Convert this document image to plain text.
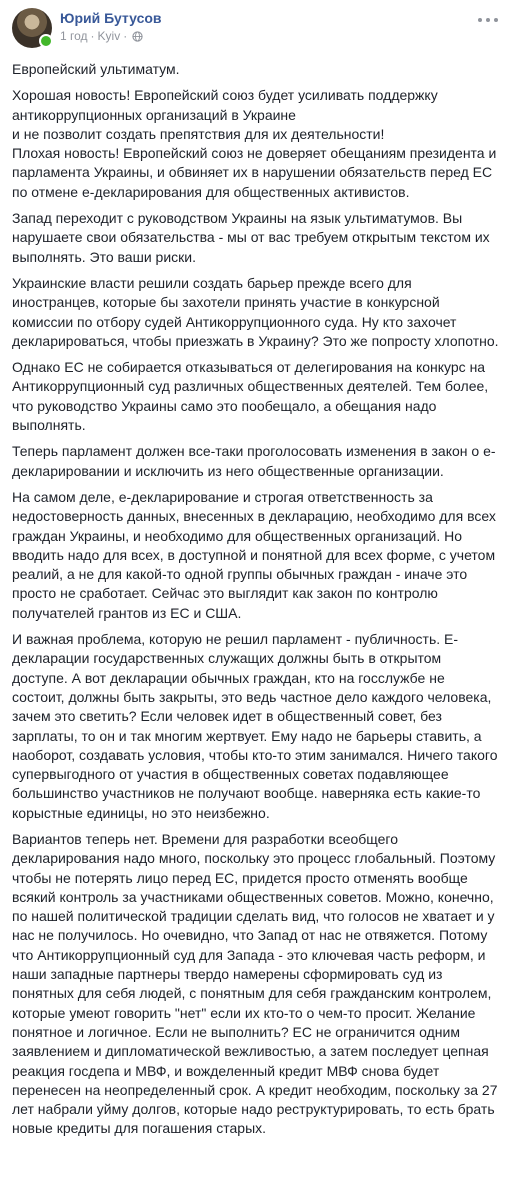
Юрий Бутусов
1 год · Kyiv ·

Европейский ультиматум.

Хорошая новость! Европейский союз будет усиливать поддержку антикоррупционных организаций в Украине
и не позволит создать препятствия для их деятельности!
Плохая новость! Европейский союз не доверяет обещаниям президента и парламента Украины, и обвиняет их в нарушении обязательств перед ЕС по отмене е-декларирования для общественных активистов.

Запад переходит с руководством Украины на язык ультиматумов. Вы нарушаете свои обязательства - мы от вас требуем открытым текстом их выполнять. Это ваши риски.

Украинские власти решили создать барьер прежде всего для иностранцев, которые бы захотели принять участие в конкурсной комиссии по отбору судей Антикоррупционного суда. Ну кто захочет декларироваться, чтобы приезжать в Украину? Это же попросту хлопотно.

Однако ЕС не собирается отказываться от делегирования на конкурс на Антикоррупционный суд различных общественных деятелей. Тем более, что руководство Украины само это пообещало, а обещания надо выполнять.

Теперь парламент должен все-таки проголосовать изменения в закон о е-декларировании и исключить из него общественные организации.

На самом деле, е-декларирование и строгая ответственность за недостоверность данных, внесенных в декларацию, необходимо для всех граждан Украины, и необходимо для общественных организаций. Но вводить надо для всех, в доступной и понятной для всех форме, с учетом реалий, а не для какой-то одной группы обычных граждан - иначе это просто не сработает. Сейчас это выглядит как закон по контролю получателей грантов из ЕС и США.

И важная проблема, которую не решил парламент - публичность. Е-декларации государственных служащих должны быть в открытом доступе. А вот декларации обычных граждан, кто на госслужбе не состоит, должны быть закрыты, это ведь частное дело каждого человека, зачем это светить? Если человек идет в общественный совет, без зарплаты, то он и так многим жертвует. Ему надо не барьеры ставить, а наоборот, создавать условия, чтобы кто-то этим занимался. Ничего такого супервыгодного от участия в общественных советах подавляющее большинство участников не получают вообще. наверняка есть какие-то корыстные единицы, но это неизбежно.

Вариантов теперь нет. Времени для разработки всеобщего декларирования надо много, поскольку это процесс глобальный. Поэтому чтобы не потерять лицо перед ЕС, придется просто отменять вообще всякий контроль за участниками общественных советов. Можно, конечно, по нашей политической традиции сделать вид, что голосов не хватает и у нас не получилось. Но очевидно, что Запад от нас не отвяжется. Потому что Антикоррупционный суд для Запада - это ключевая часть реформ, и наши западные партнеры твердо намерены сформировать суд из понятных для себя людей, с понятным для себя гражданским контролем, которые умеют говорить "нет" если их кто-то о чем-то просит. Желание понятное и логичное. Если не выполнить? ЕС не ограничится одним заявлением и дипломатической вежливостью, а затем последует цепная реакция госдепа и МВФ, и вожделенный кредит МВФ снова будет перенесен на неопределенный срок. А кредит необходим, поскольку за 27 лет набрали уйму долгов, которые надо реструктурировать, то есть брать новые кредиты для погашения старых.
